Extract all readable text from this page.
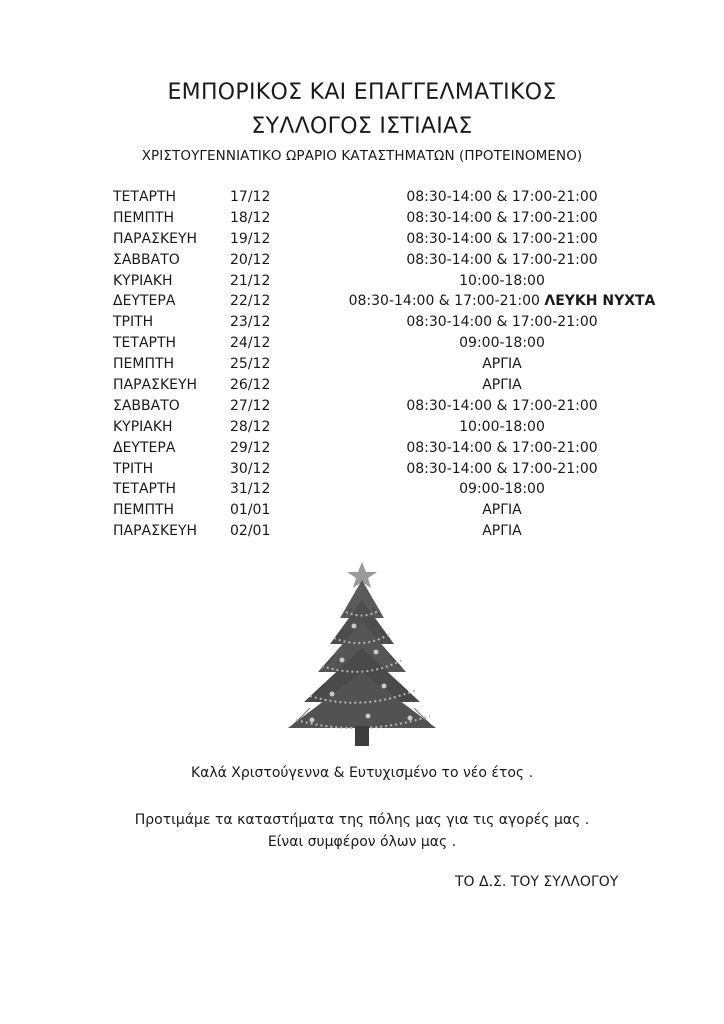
ΕΜΠΟΡΙΚΟΣ ΚΑΙ ΕΠΑΓΓΕΛΜΑΤΙΚΟΣ
ΣΥΛΛΟΓΟΣ ΙΣΤΙΑΙΑΣ
ΧΡΙΣΤΟΥΓΕΝΝΙΑΤΙΚΟ ΩΡΑΡΙΟ ΚΑΤΑΣΤΗΜΑΤΩΝ (ΠΡΟΤΕΙΝΟΜΕΝΟ)
ΤΕΤΑΡΤΗ	17/12	08:30-14:00 & 17:00-21:00
ΠΕΜΠΤΗ	18/12	08:30-14:00 & 17:00-21:00
ΠΑΡΑΣΚΕΥΗ 19/12	08:30-14:00 & 17:00-21:00
ΣΑΒΒΑΤΟ	20/12	08:30-14:00 & 17:00-21:00
ΚΥΡΙΑΚΗ	21/12	10:00-18:00
ΔΕΥΤΕΡΑ	22/12	08:30-14:00 & 17:00-21:00 ΛΕΥΚΗ ΝΥΧΤΑ
ΤΡΙΤΗ	23/12	08:30-14:00 & 17:00-21:00
ΤΕΤΑΡΤΗ	24/12	09:00-18:00
ΠΕΜΠΤΗ	25/12	ΑΡΓΙΑ
ΠΑΡΑΣΚΕΥΗ 26/12	ΑΡΓΙΑ
ΣΑΒΒΑΤΟ	27/12	08:30-14:00 & 17:00-21:00
ΚΥΡΙΑΚΗ	28/12	10:00-18:00
ΔΕΥΤΕΡΑ	29/12	08:30-14:00 & 17:00-21:00
ΤΡΙΤΗ	30/12	08:30-14:00 & 17:00-21:00
ΤΕΤΑΡΤΗ	31/12	09:00-18:00
ΠΕΜΠΤΗ	01/01	ΑΡΓΙΑ
ΠΑΡΑΣΚΕΥΗ 02/01	ΑΡΓΙΑ
Καλά Χριστούγεννα & Ευτυχισμένο το νέο έτος .
Προτιμάμε τα καταστήματα της πόλης μας για τις αγορές μας .
Είναι συμφέρον όλων μας .
ΤΟ Δ.Σ. ΤΟΥ ΣΥΛΛΟΓΟΥ
